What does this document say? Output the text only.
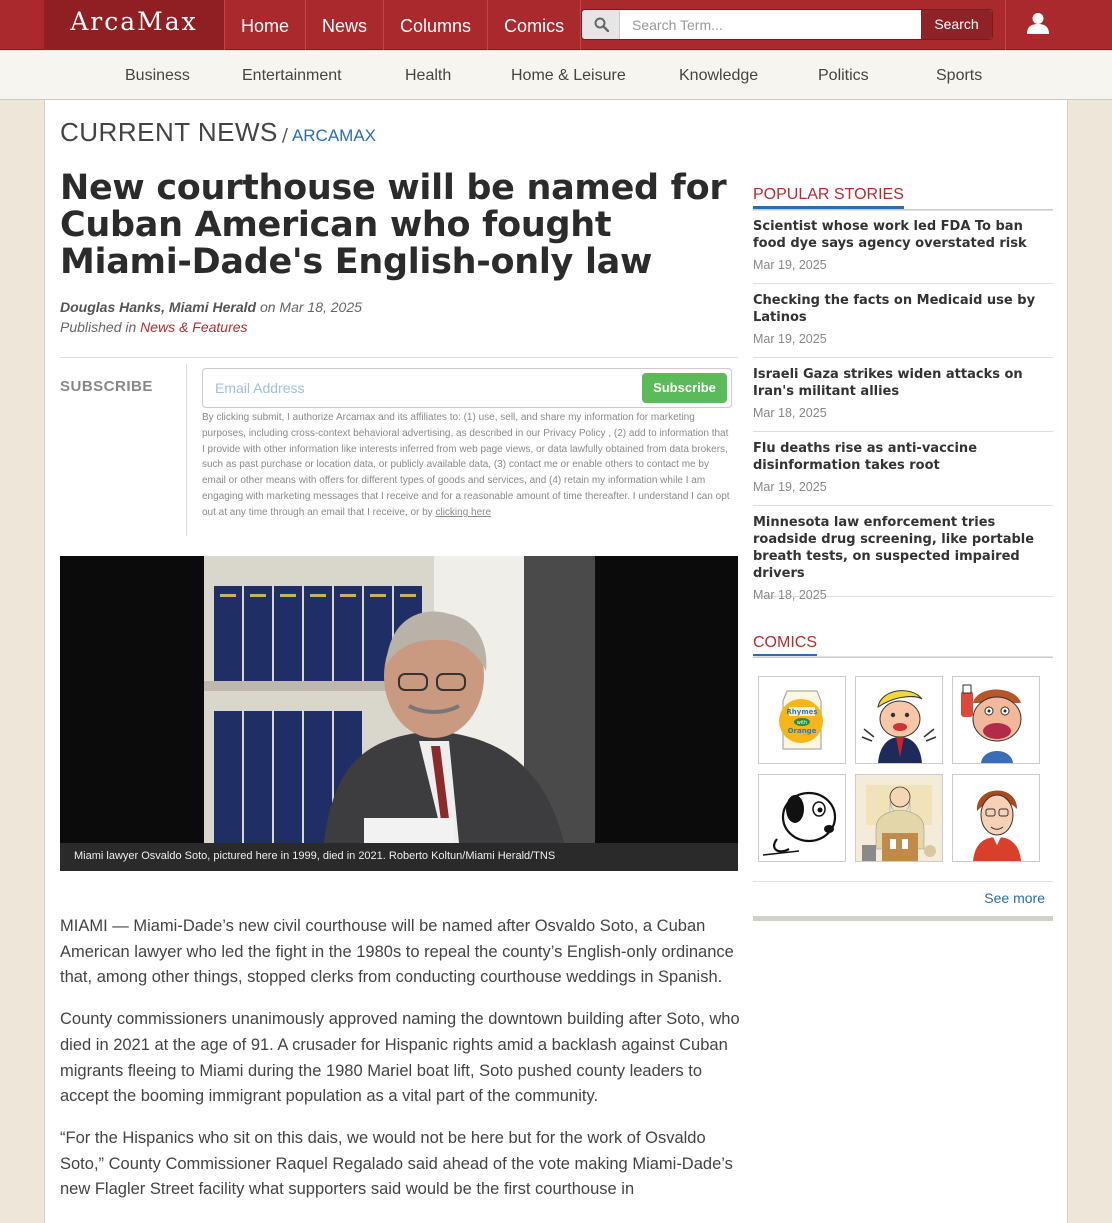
ArcaMax	Home	News	Columns	Comics
Search Term...	Search
Business	Entertainment	Health	Home & Leisure	Knowledge	Politics	Sports
CURRENT NEWS / ARCAMAX
New courthouse will be named for Cuban American who fought Miami-Dade's English-only law
Douglas Hanks, Miami Herald on Mar 18, 2025
Published in News & Features
SUBSCRIBE
Email Address	Subscribe
By clicking submit, I authorize Arcamax and its affiliates to: (1) use, sell, and share my information for marketing purposes, including cross-context behavioral advertising, as described in our Privacy Policy , (2) add to information that I provide with other information like interests inferred from web page views, or data lawfully obtained from data brokers, such as past purchase or location data, or publicly available data, (3) contact me or enable others to contact me by email or other means with offers for different types of goods and services, and (4) retain my information while I am engaging with marketing messages that I receive and for a reasonable amount of time thereafter. I understand I can opt out at any time through an email that I receive, or by clicking here
Miami lawyer Osvaldo Soto, pictured here in 1999, died in 2021. Roberto Koltun/Miami Herald/TNS

MIAMI — Miami-Dade’s new civil courthouse will be named after Osvaldo Soto, a Cuban American lawyer who led the fight in the 1980s to repeal the county’s English-only ordinance that, among other things, stopped clerks from conducting courthouse weddings in Spanish.

County commissioners unanimously approved naming the downtown building after Soto, who died in 2021 at the age of 91. A crusader for Hispanic rights amid a backlash against Cuban migrants fleeing to Miami during the 1980 Mariel boat lift, Soto pushed county leaders to accept the booming immigrant population as a vital part of the community.

“For the Hispanics who sit on this dais, we would not be here but for the work of Osvaldo Soto,” County Commissioner Raquel Regalado said ahead of the vote making Miami-Dade’s new Flagler Street facility what supporters said would be the first courthouse in

POPULAR STORIES
Scientist whose work led FDA To ban food dye says agency overstated risk
Mar 19, 2025
Checking the facts on Medicaid use by Latinos
Mar 19, 2025
Israeli Gaza strikes widen attacks on Iran's militant allies
Mar 18, 2025
Flu deaths rise as anti-vaccine disinformation takes root
Mar 19, 2025
Minnesota law enforcement tries roadside drug screening, like portable breath tests, on suspected impaired drivers
Mar 18, 2025
COMICS
Rhymes
with
Orange
See more
